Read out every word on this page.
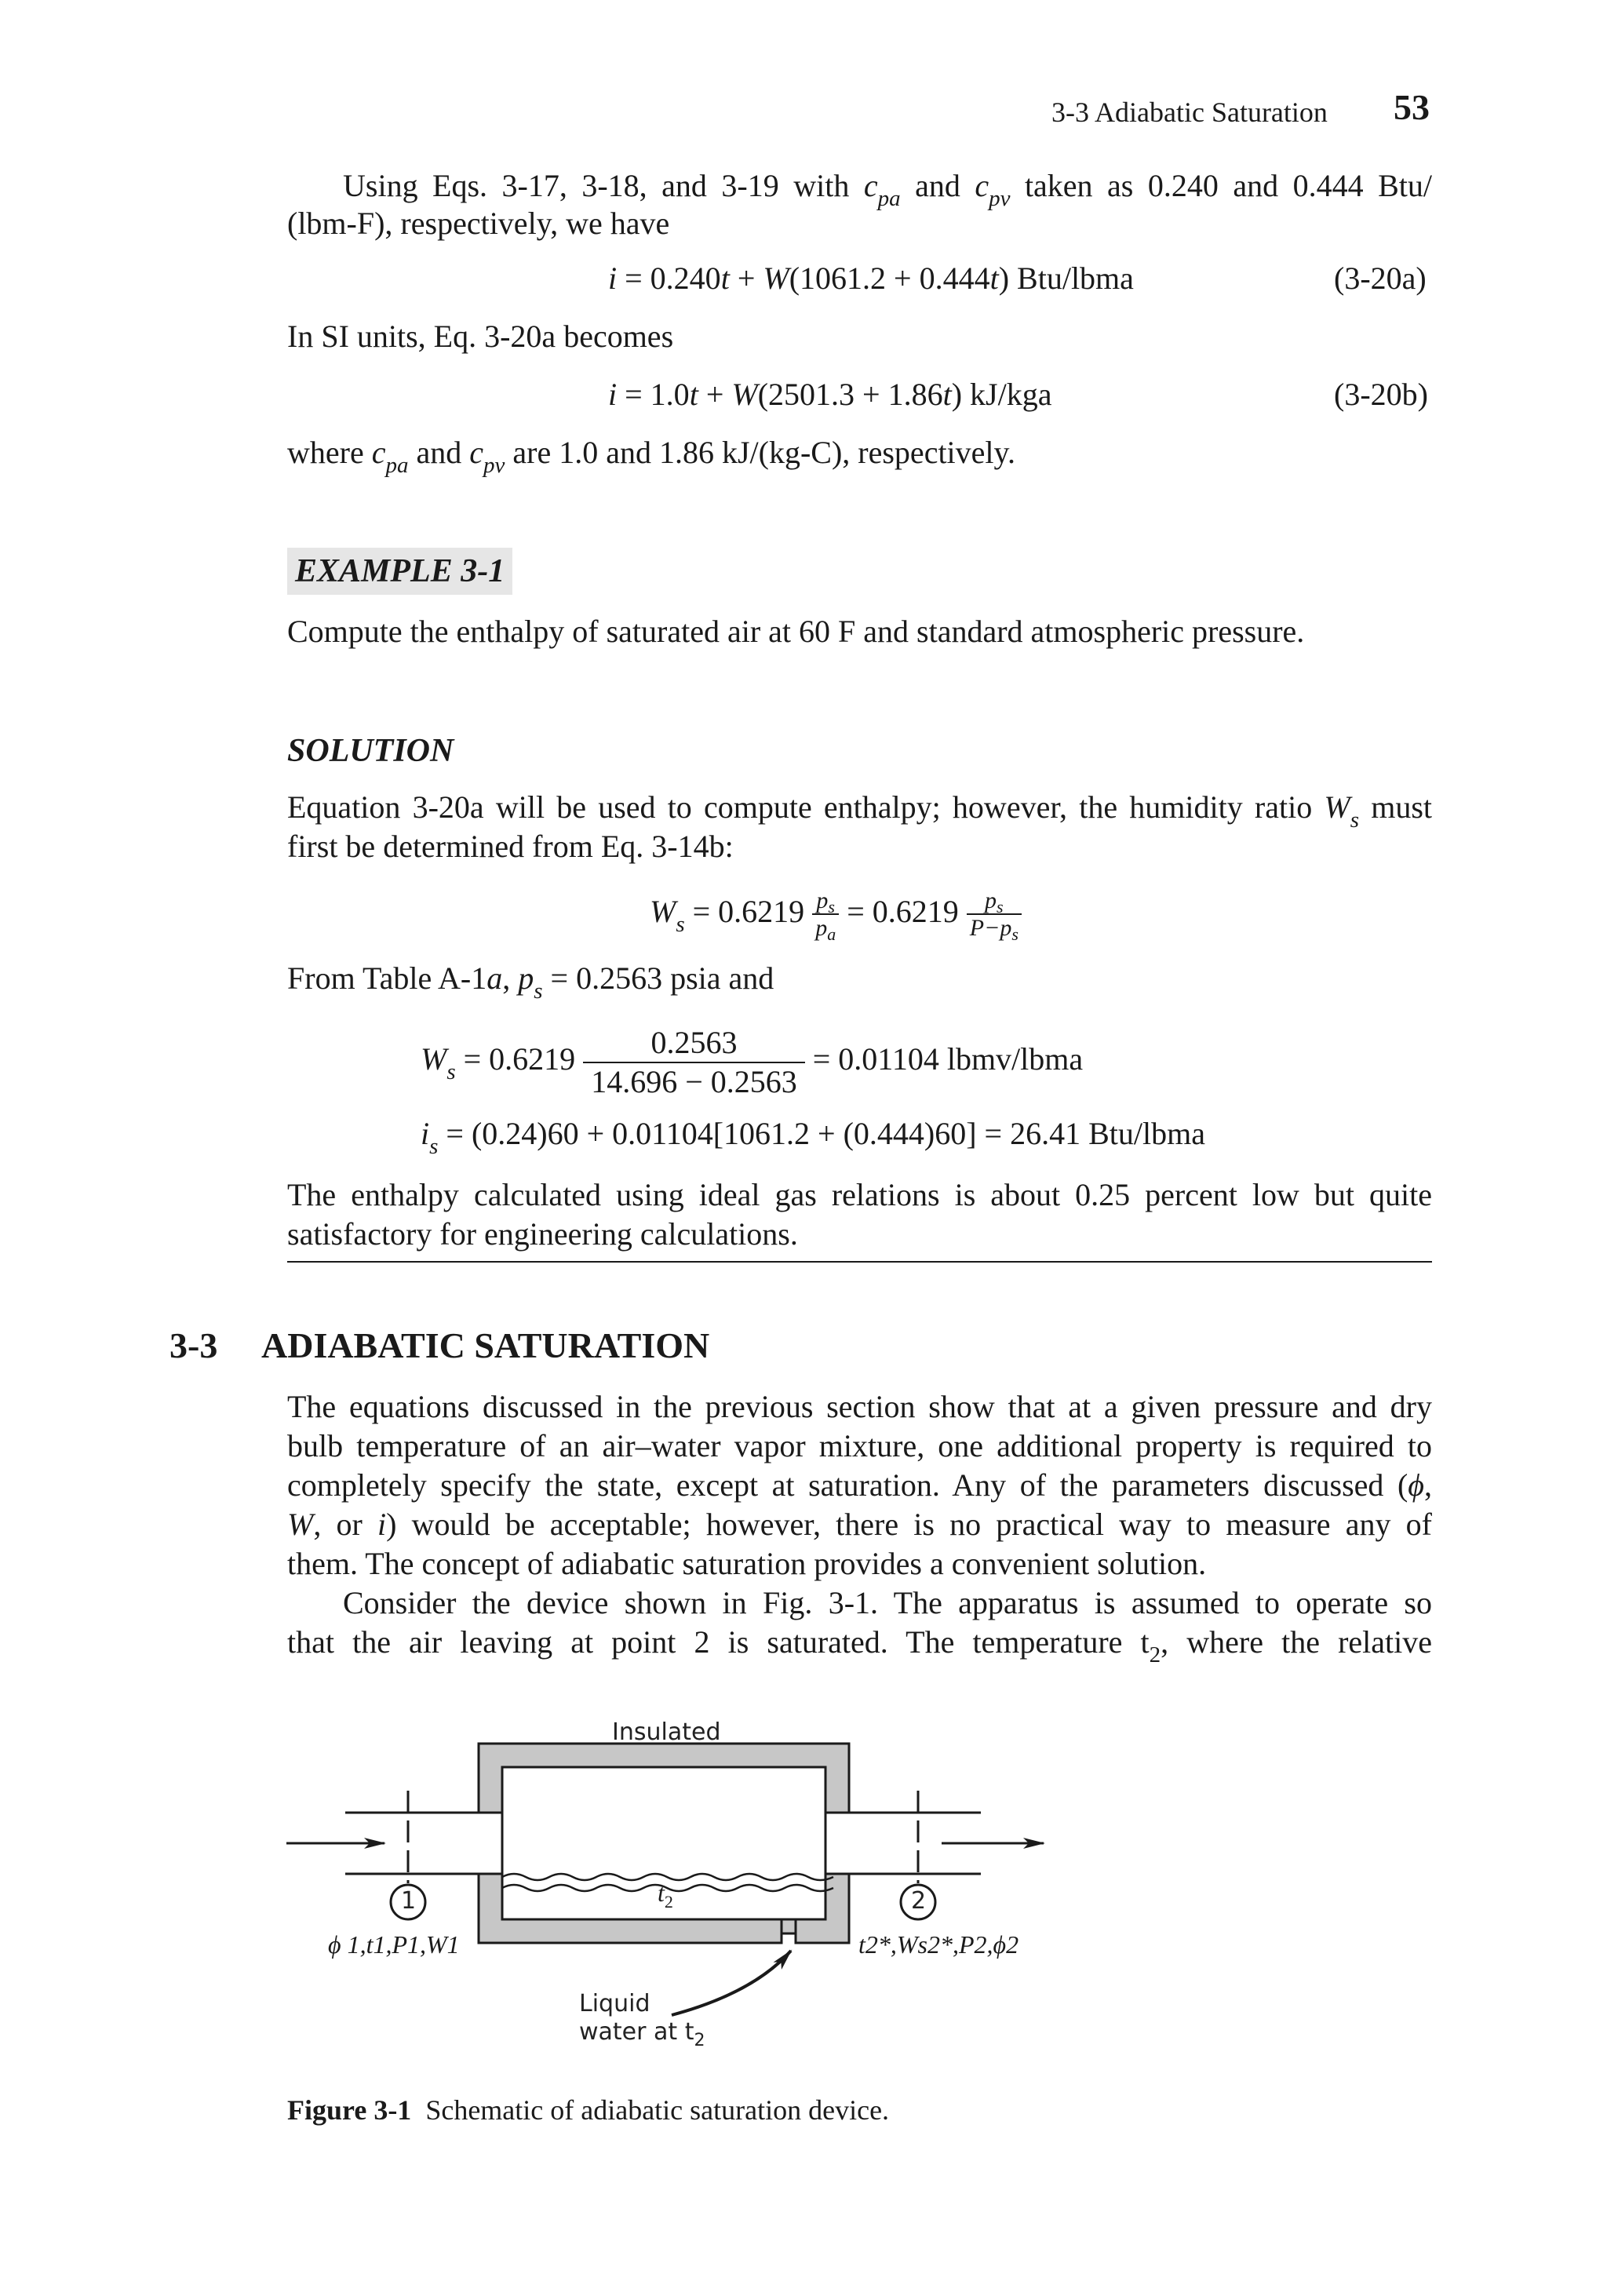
3-3 Adiabatic Saturation 53
Using Eqs. 3-17, 3-18, and 3-19 with $c_{pa}$ and $c_{pv}$ taken as 0.240 and 0.444 Btu/
(lbm-F), respectively, we have
i = 0.240t + W(1061.2 + 0.444t) Btu/lbma	(3-20a)
In SI units, Eq. 3-20a becomes
i = 1.0t + W(2501.3 + 1.86t) kJ/kga	(3-20b)
where $c_{pa}$ and $c_{pv}$ are 1.0 and 1.86 kJ/(kg-C), respectively.
EXAMPLE 3-1
Compute the enthalpy of saturated air at 60 F and standard atmospheric pressure.
SOLUTION
Equation 3-20a will be used to compute enthalpy; however, the humidity ratio $W_s$ must
first be determined from Eq. 3-14b:
$W_s = 0.6219 \frac{p_s}{p_a} = 0.6219 \frac{p_s}{P-p_s}$
From Table A-1a, $p_s = 0.2563$ psia and
$W_s = 0.6219 \frac{0.2563}{14.696 - 0.2563} = 0.01104$ lbmv/lbma
$i_s = (0.24)60 + 0.01104[1061.2 + (0.444)60] = 26.41$ Btu/lbma
The enthalpy calculated using ideal gas relations is about 0.25 percent low but quite
satisfactory for engineering calculations.
3-3 ADIABATIC SATURATION
The equations discussed in the previous section show that at a given pressure and dry
bulb temperature of an air–water vapor mixture, one additional property is required to
completely specify the state, except at saturation. Any of the parameters discussed (ϕ,
W, or i) would be acceptable; however, there is no practical way to measure any of
them. The concept of adiabatic saturation provides a convenient solution.
Consider the device shown in Fig. 3-1. The apparatus is assumed to operate so
that the air leaving at point 2 is saturated. The temperature $t_2$, where the relative
Insulated
$t_2$
1	2
ϕ 1,t1,P1,W1	t2*,Ws2*,P2,ϕ2
Liquid
water at $t_2$
Figure 3-1 Schematic of adiabatic saturation device.
